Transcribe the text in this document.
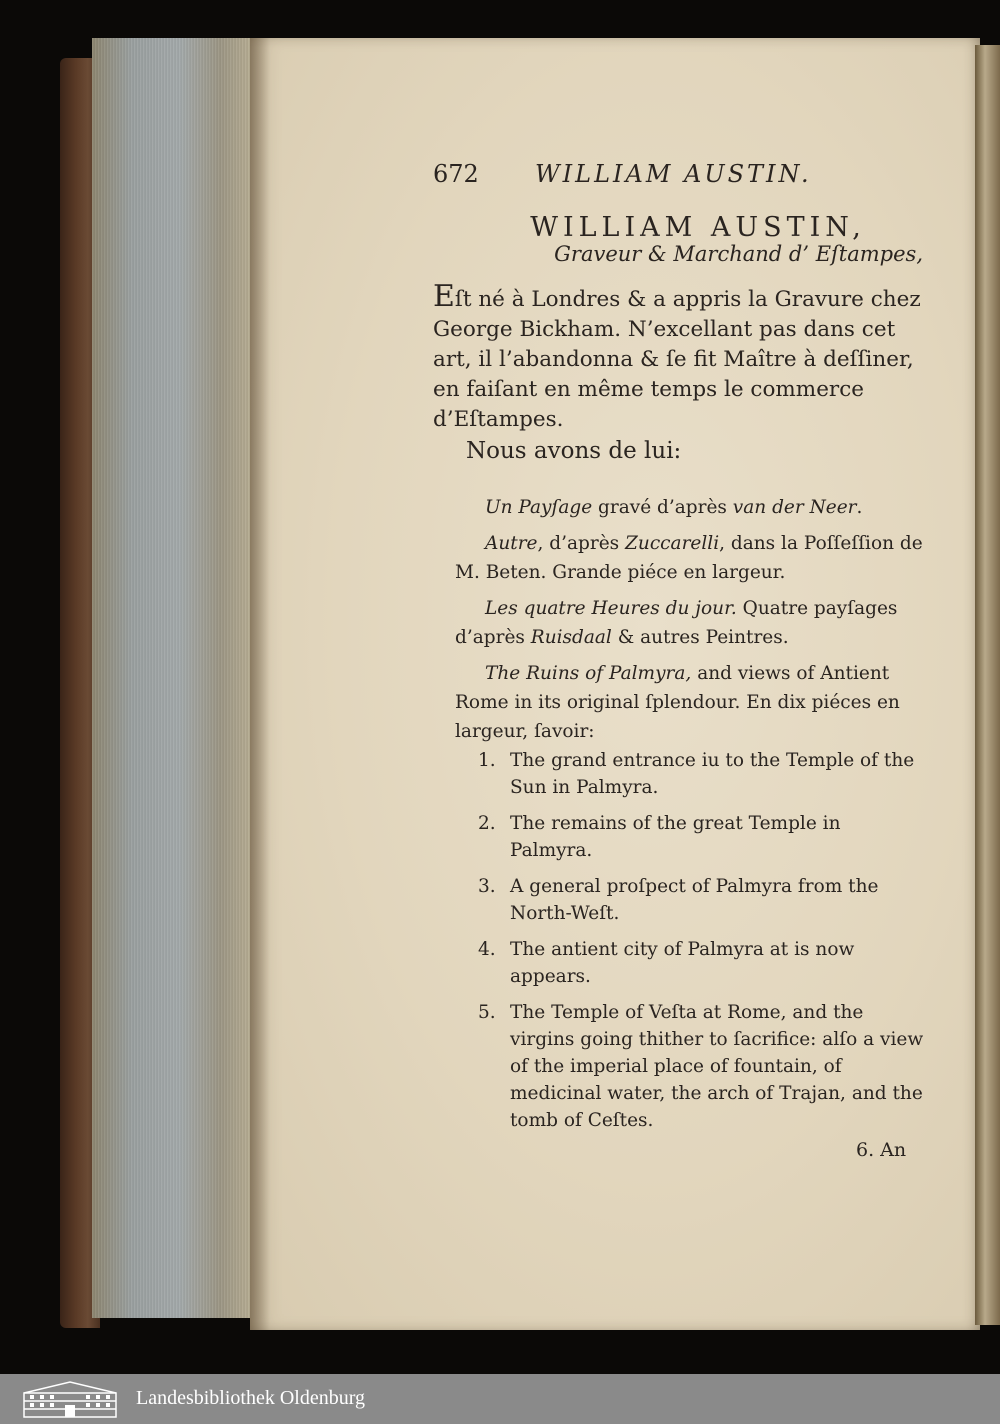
672 WILLIAM AUSTIN.
WILLIAM AUSTIN,
Graveur & Marchand d’ Eſtampes,
Eſt né à Londres & a appris la Gravure chez George Bickham. N’excellant pas dans cet art, il l’abandonna & ſe fit Maître à deſſiner, en faiſant en même temps le commerce d’Eſtampes.
Nous avons de lui:

Un Payſage gravé d’après van der Neer.

Autre, d’après Zuccarelli, dans la Poſſeſſion de M. Beten. Grande piéce en largeur.

Les quatre Heures du jour. Quatre payſages d’après Ruisdaal & autres Peintres.

The Ruins of Palmyra, and views of Antient Rome in its original ſplendour. En dix piéces en largeur, ſavoir:

1. The grand entrance iu to the Temple of the Sun in Palmyra.
2. The remains of the great Temple in Palmyra.
3. A general proſpect of Palmyra from the North-Weſt.
4. The antient city of Palmyra at is now appears.
5. The Temple of Veſta at Rome, and the virgins going thither to ſacrifice: alſo a view of the imperial place of fountain, of medicinal water, the arch of Trajan, and the tomb of Ceſtes.
6. An
Landesbibliothek Oldenburg
